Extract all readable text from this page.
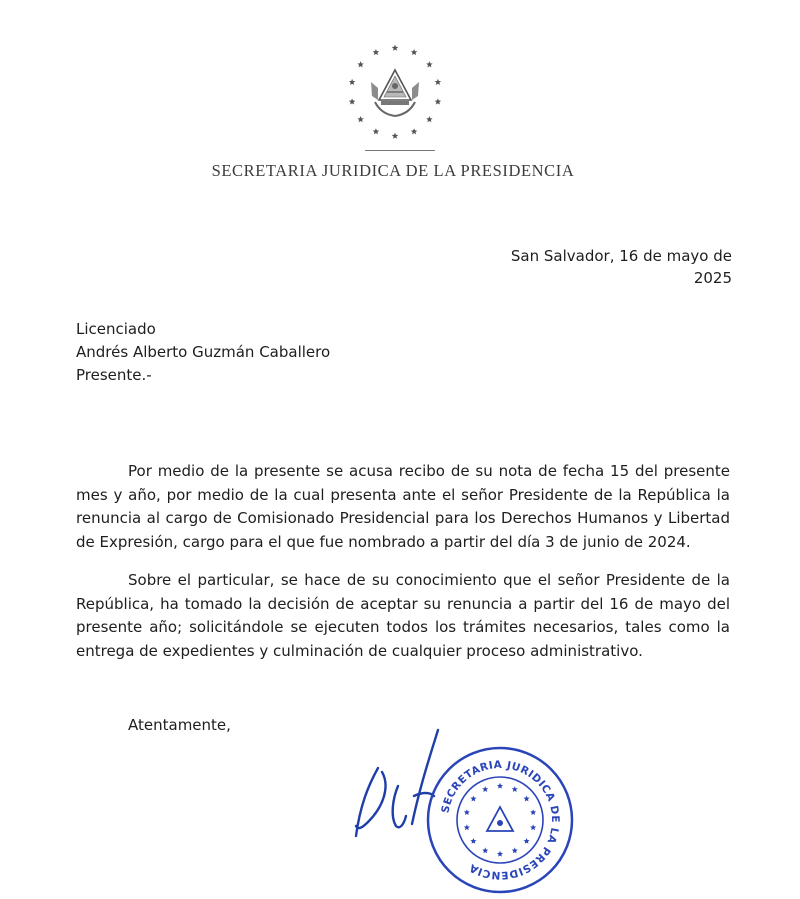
SECRETARIA JURIDICA DE LA PRESIDENCIA
San Salvador, 16 de mayo de 2025
Licenciado
Andrés Alberto Guzmán Caballero
Presente.-

Por medio de la presente se acusa recibo de su nota de fecha 15 del presente mes y año, por medio de la cual presenta ante el señor Presidente de la República la renuncia al cargo de Comisionado Presidencial para los Derechos Humanos y Libertad de Expresión, cargo para el que fue nombrado a partir del día 3 de junio de 2024.

Sobre el particular, se hace de su conocimiento que el señor Presidente de la República, ha tomado la decisión de aceptar su renuncia a partir del 16 de mayo del presente año; solicitándole se ejecuten todos los trámites necesarios, tales como la entrega de expedientes y culminación de cualquier proceso administrativo.

Atentamente,
SECRETARIA JURIDICA DE LA PRESIDENCIA
